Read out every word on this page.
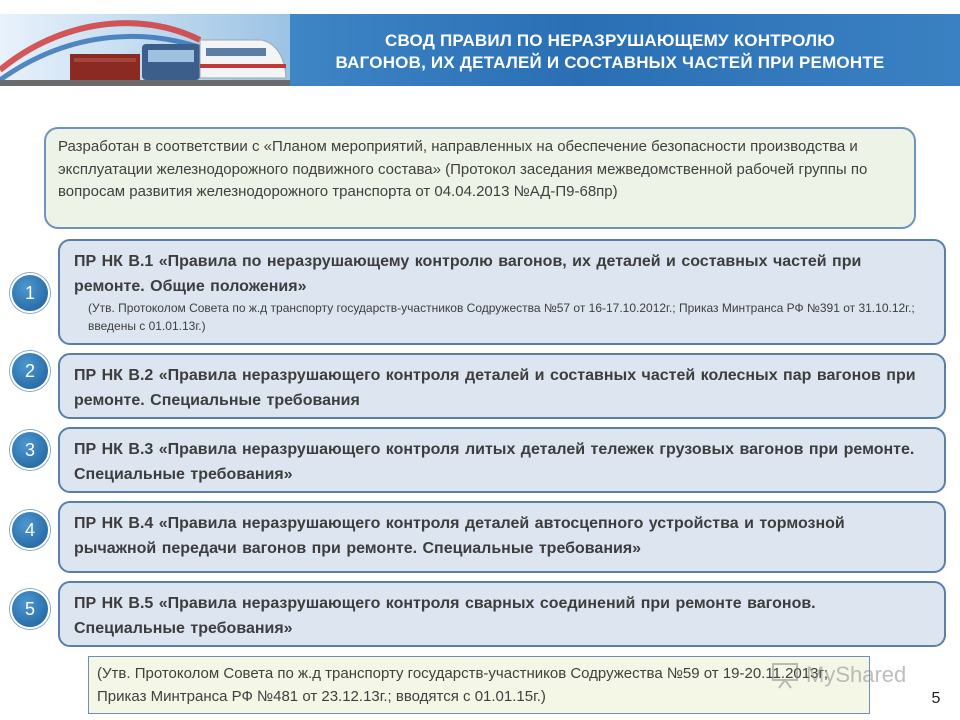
СВОД ПРАВИЛ ПО НЕРАЗРУШАЮЩЕМУ КОНТРОЛЮ
ВАГОНОВ, ИХ ДЕТАЛЕЙ И СОСТАВНЫХ ЧАСТЕЙ ПРИ РЕМОНТЕ
Разработан в соответствии с «Планом мероприятий, направленных на обеспечение безопасности производства и эксплуатации железнодорожного подвижного состава» (Протокол заседания межведомственной рабочей группы по вопросам развития железнодорожного транспорта от 04.04.2013 №АД-П9-68пр)
1
ПР НК В.1 «Правила по неразрушающему контролю вагонов, их деталей и составных частей при ремонте. Общие положения»
(Утв. Протоколом Совета по ж.д транспорту государств-участников Содружества №57 от 16-17.10.2012г.; Приказ Минтранса РФ №391 от 31.10.12г.; введены с 01.01.13г.)
2	ПР НК В.2 «Правила неразрушающего контроля деталей и составных частей колесных пар вагонов при ремонте. Специальные требования
3	ПР НК В.3 «Правила неразрушающего контроля литых деталей тележек грузовых вагонов при ремонте. Специальные требования»
4	ПР НК В.4 «Правила неразрушающего контроля деталей автосцепного устройства и тормозной рычажной передачи вагонов при ремонте. Специальные требования»
5	ПР НК В.5 «Правила неразрушающего контроля сварных соединений при ремонте вагонов. Специальные требования»
(Утв. Протоколом Совета по ж.д транспорту государств-участников Содружества №59 от 19-20.11.2013г; Приказ Минтранса РФ №481 от 23.12.13г.; вводятся с 01.01.15г.)
MyShared
5
